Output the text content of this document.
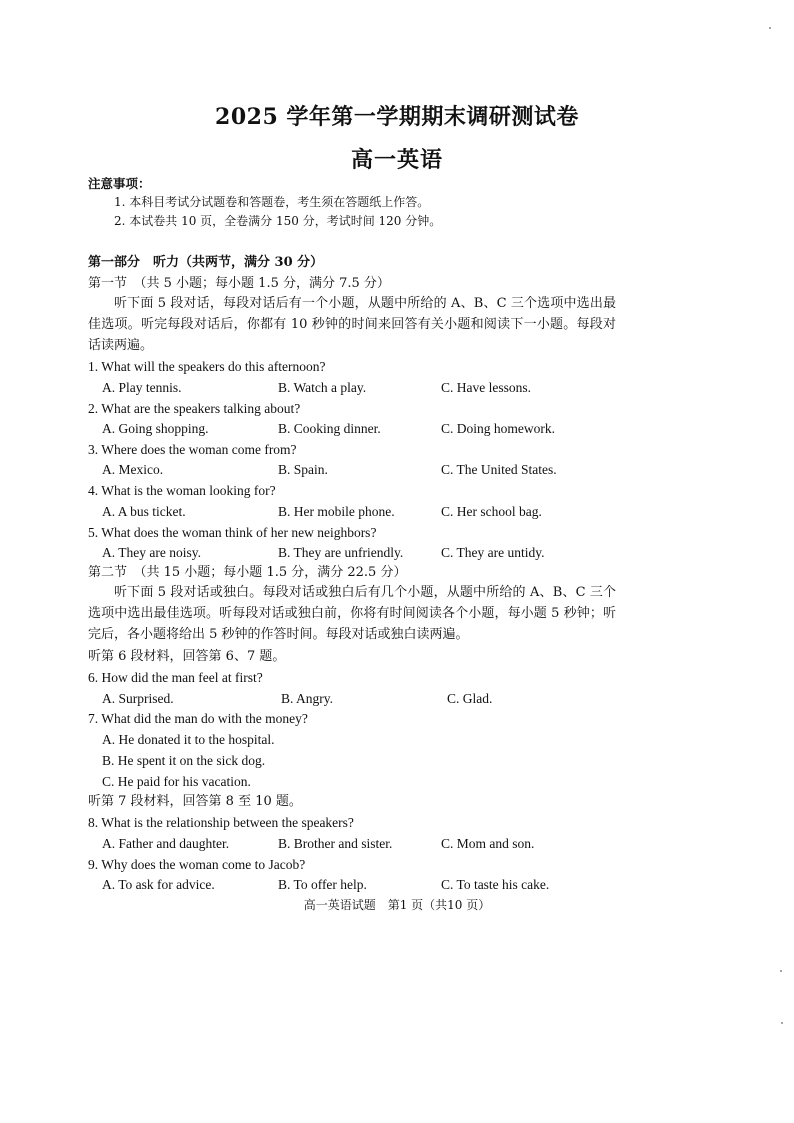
2025 学年第一学期期末调研测试卷
高一英语
注意事项：
1. 本科目考试分试题卷和答题卷，考生须在答题纸上作答。
2. 本试卷共 10 页，全卷满分 150 分，考试时间 120 分钟。
第一部分　听力（共两节，满分 30 分）
第一节　（共 5 小题；每小题 1.5 分，满分 7.5 分）
听下面 5 段对话，每段对话后有一个小题，从题中所给的 A、B、C 三个选项中选出最佳选项。听完每段对话后，你都有 10 秒钟的时间来回答有关小题和阅读下一小题。每段对话读两遍。
1. What will the speakers do this afternoon?
A. Play tennis.	B. Watch a play.	C. Have lessons.
2. What are the speakers talking about?
A. Going shopping.	B. Cooking dinner.	C. Doing homework.
3. Where does the woman come from?
A. Mexico.	B. Spain.	C. The United States.
4. What is the woman looking for?
A. A bus ticket.	B. Her mobile phone.	C. Her school bag.
5. What does the woman think of her new neighbors?
A. They are noisy.	B. They are unfriendly.	C. They are untidy.
第二节　（共 15 小题；每小题 1.5 分，满分 22.5 分）
听下面 5 段对话或独白。每段对话或独白后有几个小题，从题中所给的 A、B、C 三个选项中选出最佳选项。听每段对话或独白前，你将有时间阅读各个小题，每小题 5 秒钟；听完后，各小题将给出 5 秒钟的作答时间。每段对话或独白读两遍。
听第 6 段材料，回答第 6、7 题。
6. How did the man feel at first?
A. Surprised.	B. Angry.	C. Glad.
7. What did the man do with the money?
A. He donated it to the hospital.
B. He spent it on the sick dog.
C. He paid for his vacation.
听第 7 段材料，回答第 8 至 10 题。
8. What is the relationship between the speakers?
A. Father and daughter.	B. Brother and sister.	C. Mom and son.
9. Why does the woman come to Jacob?
A. To ask for advice.	B. To offer help.	C. To taste his cake.
高一英语试题　第1 页（共10 页）
